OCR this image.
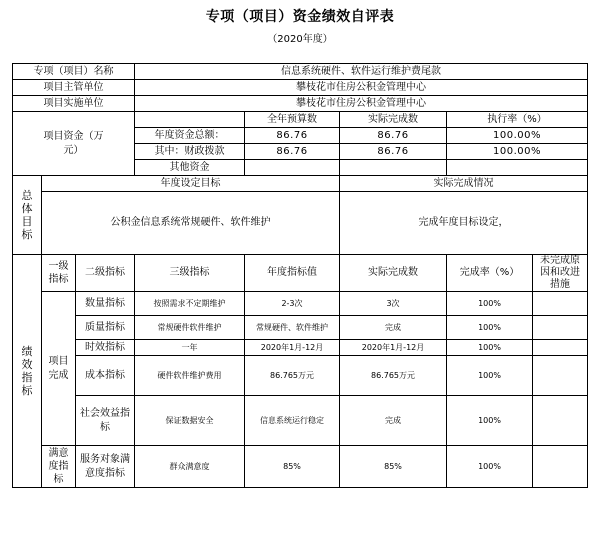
专项（项目）资金绩效自评表
（2020年度）
专项（项目）名称			信息系统硬件、软件运行维护费尾款				
项目主管单位			攀枝花市住房公积金管理中心				
项目实施单位			攀枝花市住房公积金管理中心				

项目资金（万元）				全年预算数	实际完成数	执行率（%）	
			年度资金总额：	86.76	86.76	100.00%	
			其中：财政拨款	86.76	86.76	100.00%	
			其他资金				

总体目标	年度设定目标				实际完成情况		
	公积金信息系统常规硬件、软件维护				完成年度目标设定，		

绩效指标	一级指标	二级指标	三级指标	年度指标值	实际完成数	完成率（%）	未完成原因和改进措施

	项目完成	数量指标	按照需求不定期维护	2-3次	3次	100%	
		质量指标	常规硬件软件维护	常规硬件、软件维护	完成	100%	
		时效指标	一年	2020年1月-12月	2020年1月-12月	100%	
		成本指标	硬件软件维护费用	86.765万元	86.765万元	100%	

		社会效益指标	保证数据安全	信息系统运行稳定	完成	100%	

	满意度指标	服务对象满意度指标	群众满意度	85%	85%	100%	
